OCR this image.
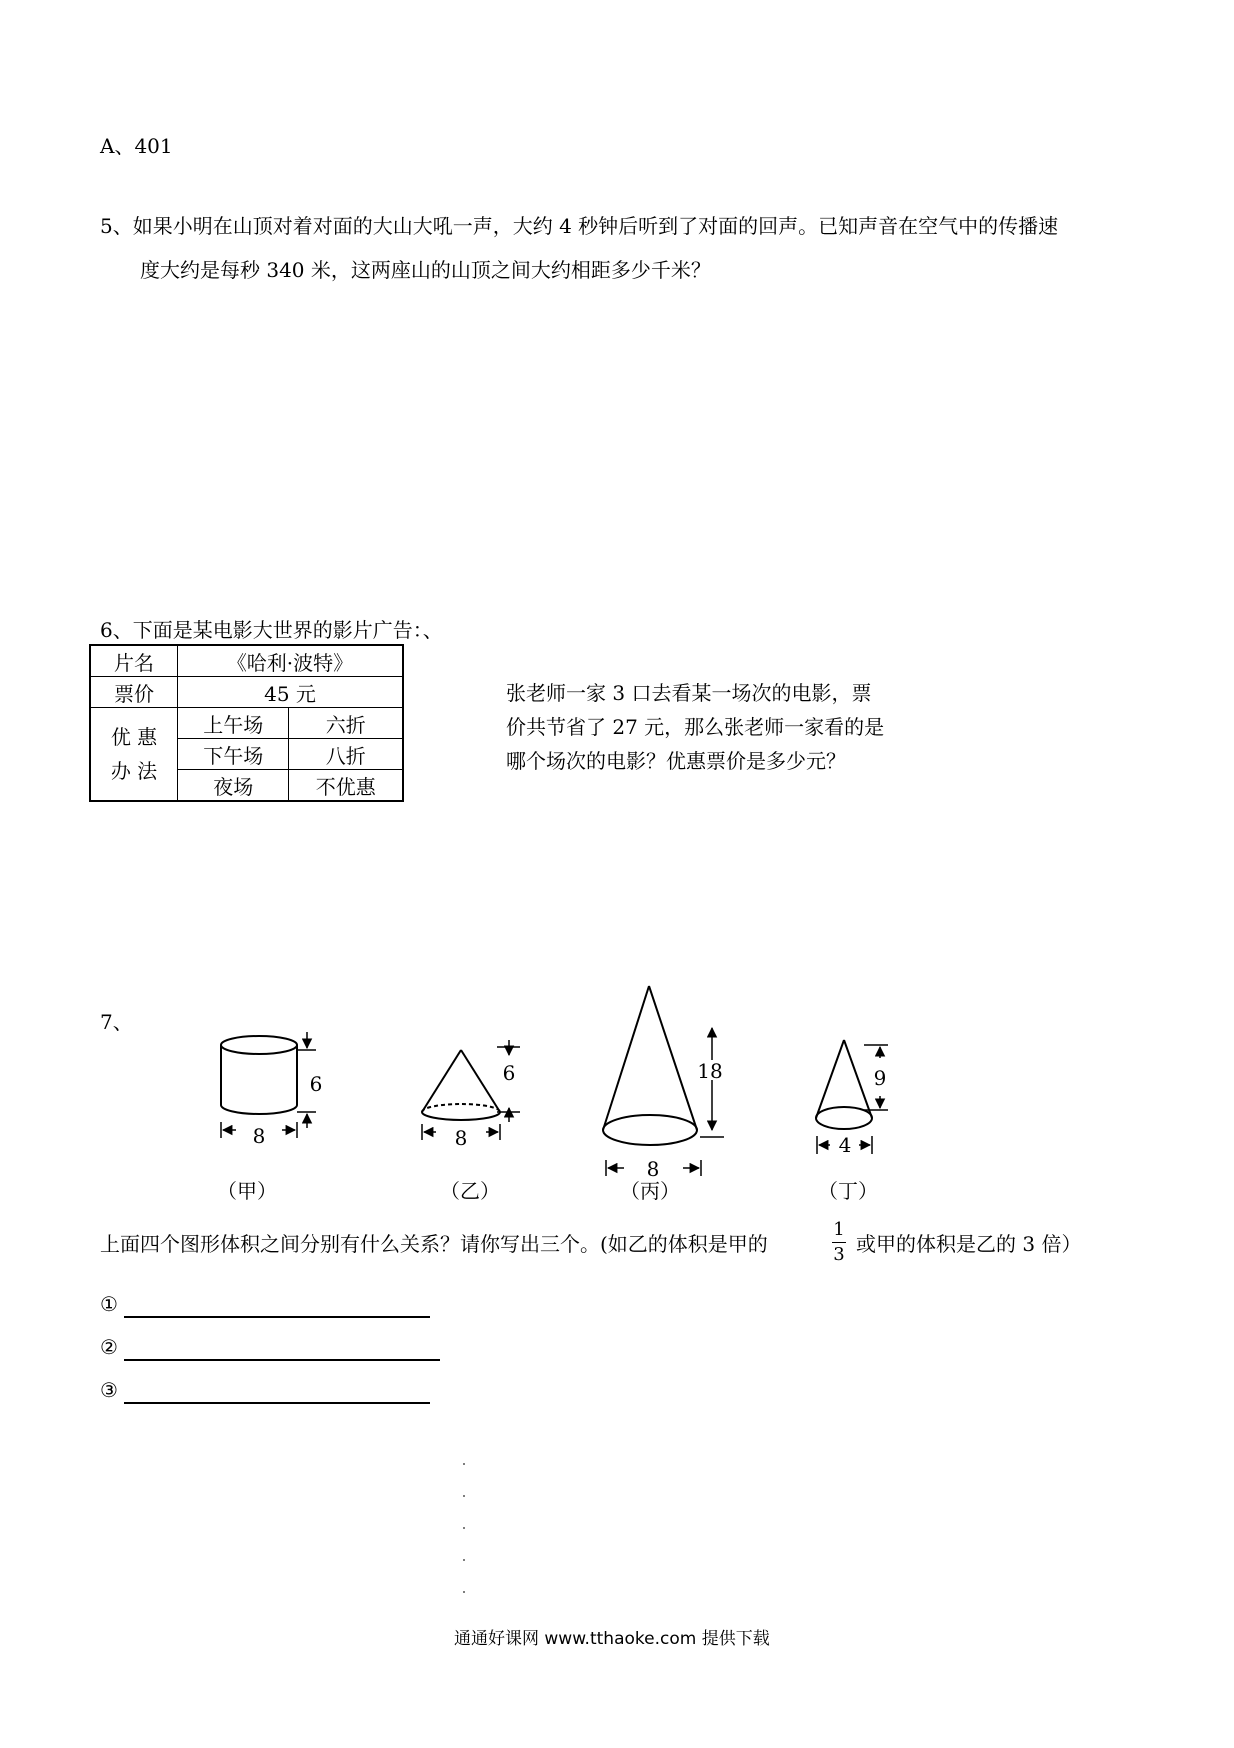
A、401
5、如果小明在山顶对着对面的大山大吼一声，大约 4 秒钟后听到了对面的回声。已知声音在空气中的传播速
度大约是每秒 340 米，这两座山的山顶之间大约相距多少千米？
6、下面是某电影大世界的影片广告：、
片名	《哈利·波特》	
票价	45 元	

优 惠
办 法	上午场	六折
	下午场	八折
	夜场	不优惠
张老师一家 3 口去看某一场次的电影，票
价共节省了 27 元，那么张老师一家看的是
哪个场次的电影？优惠票价是多少元？
7、
6
8
（甲）
6
8
（乙）
18
8
（丙）
9
4
（丁）
上面四个图形体积之间分别有什么关系？请你写出三个。(如乙的体积是甲的
1
3 或甲的体积是乙的 3 倍）
①
②
③
通通好课网 www.tthaoke.com 提供下载
